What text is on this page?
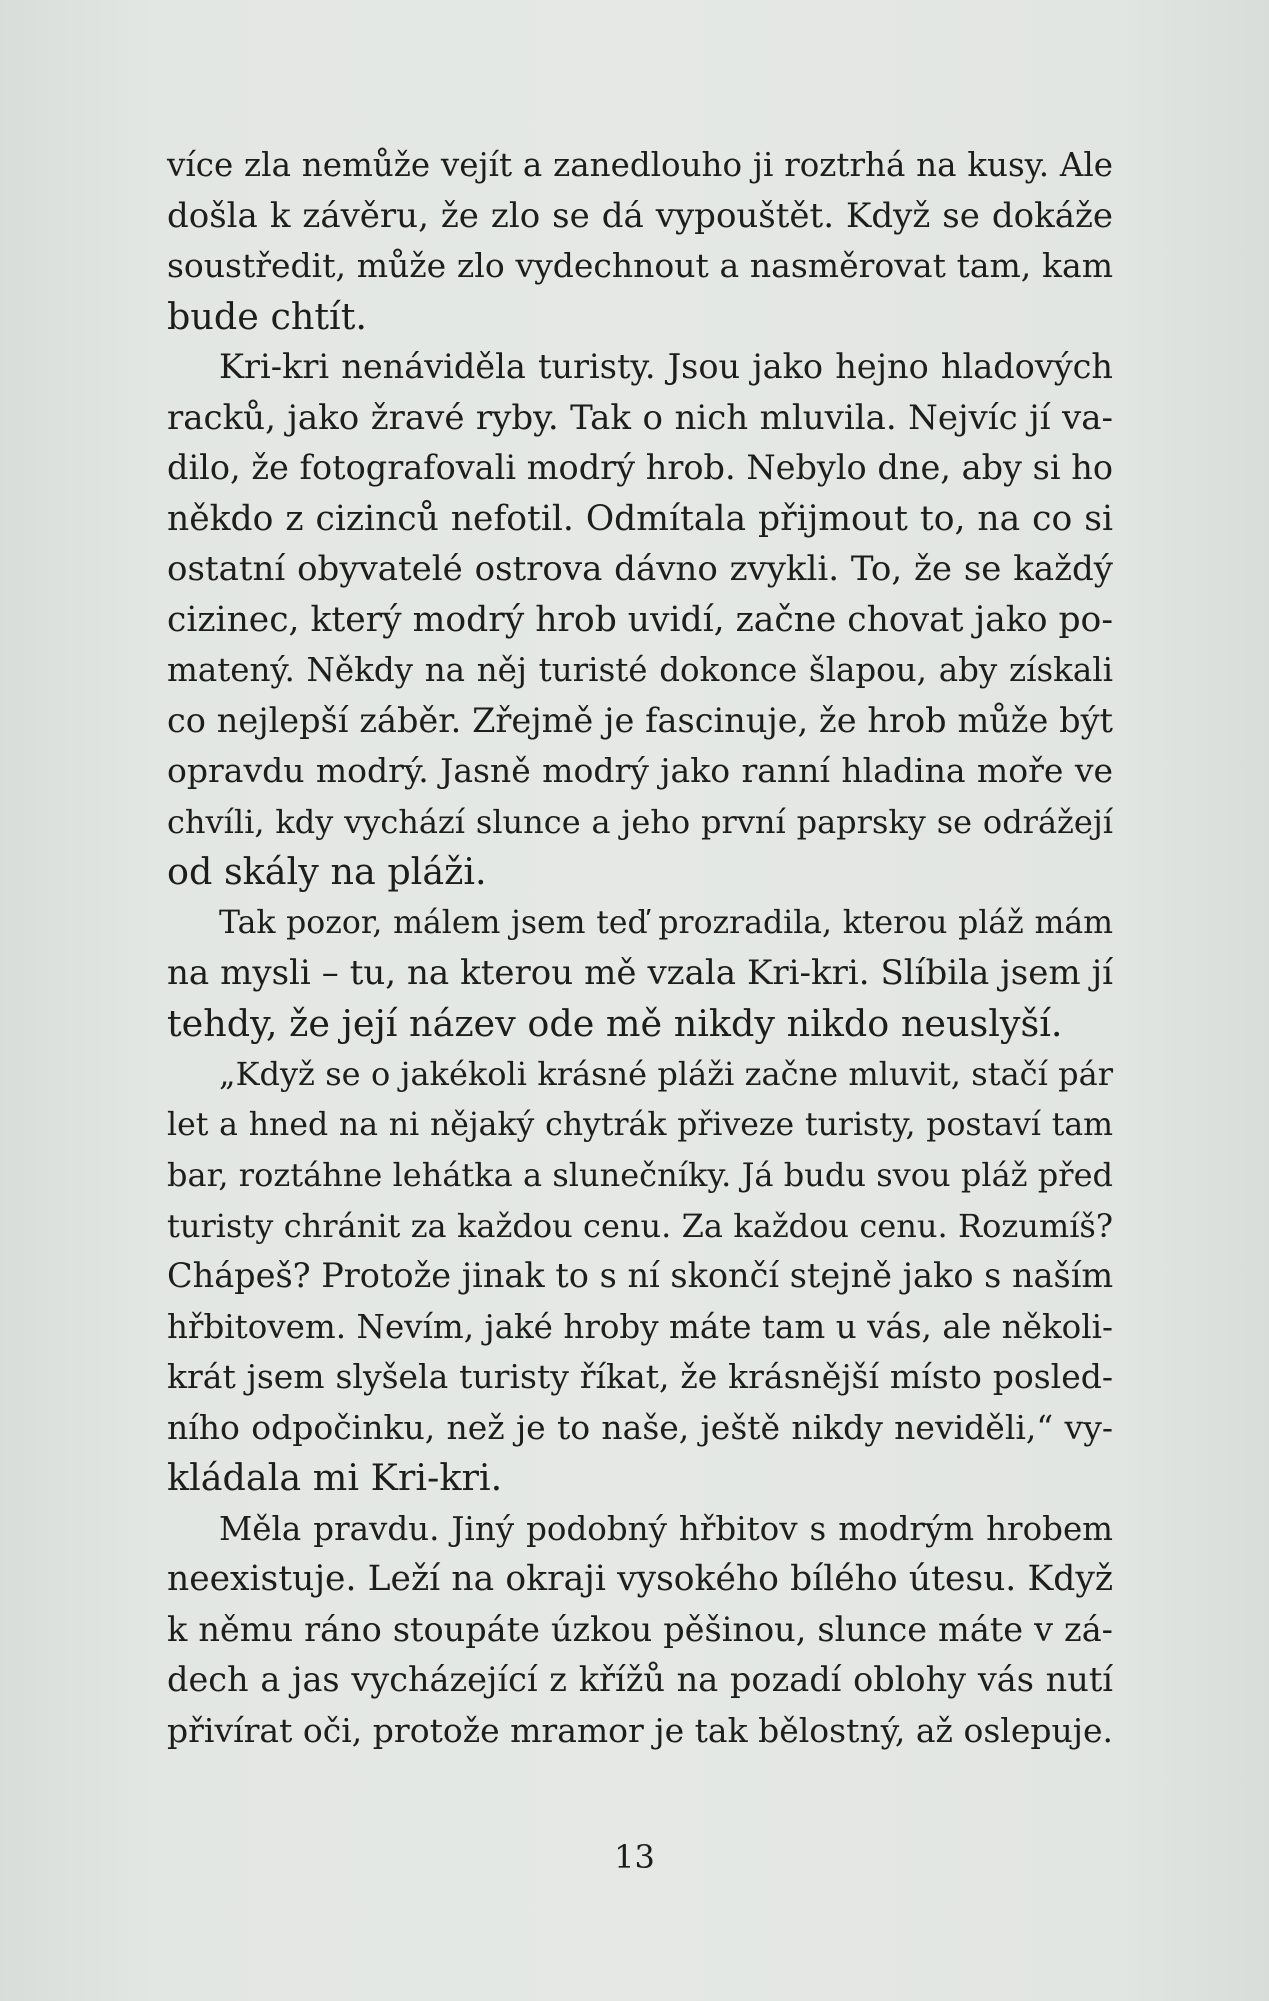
více zla nemůže vejít a zanedlouho ji roztrhá na kusy. Ale
došla k závěru, že zlo se dá vypouštět. Když se dokáže
soustředit, může zlo vydechnout a nasměrovat tam, kam
bude chtít.
Kri-kri nenáviděla turisty. Jsou jako hejno hladových
racků, jako žravé ryby. Tak o nich mluvila. Nejvíc jí va-
dilo, že fotografovali modrý hrob. Nebylo dne, aby si ho
někdo z cizinců nefotil. Odmítala přijmout to, na co si
ostatní obyvatelé ostrova dávno zvykli. To, že se každý
cizinec, který modrý hrob uvidí, začne chovat jako po-
matený. Někdy na něj turisté dokonce šlapou, aby získali
co nejlepší záběr. Zřejmě je fascinuje, že hrob může být
opravdu modrý. Jasně modrý jako ranní hladina moře ve
chvíli, kdy vychází slunce a jeho první paprsky se odrážejí
od skály na pláži.
Tak pozor, málem jsem teď prozradila, kterou pláž mám
na mysli – tu, na kterou mě vzala Kri-kri. Slíbila jsem jí
tehdy, že její název ode mě nikdy nikdo neuslyší.
„Když se o jakékoli krásné pláži začne mluvit, stačí pár
let a hned na ni nějaký chytrák přiveze turisty, postaví tam
bar, roztáhne lehátka a slunečníky. Já budu svou pláž před
turisty chránit za každou cenu. Za každou cenu. Rozumíš?
Chápeš? Protože jinak to s ní skončí stejně jako s naším
hřbitovem. Nevím, jaké hroby máte tam u vás, ale několi-
krát jsem slyšela turisty říkat, že krásnější místo posled-
ního odpočinku, než je to naše, ještě nikdy neviděli,“ vy-
kládala mi Kri-kri.
Měla pravdu. Jiný podobný hřbitov s modrým hrobem
neexistuje. Leží na okraji vysokého bílého útesu. Když
k němu ráno stoupáte úzkou pěšinou, slunce máte v zá-
dech a jas vycházející z křížů na pozadí oblohy vás nutí
přivírat oči, protože mramor je tak bělostný, až oslepuje.
13
